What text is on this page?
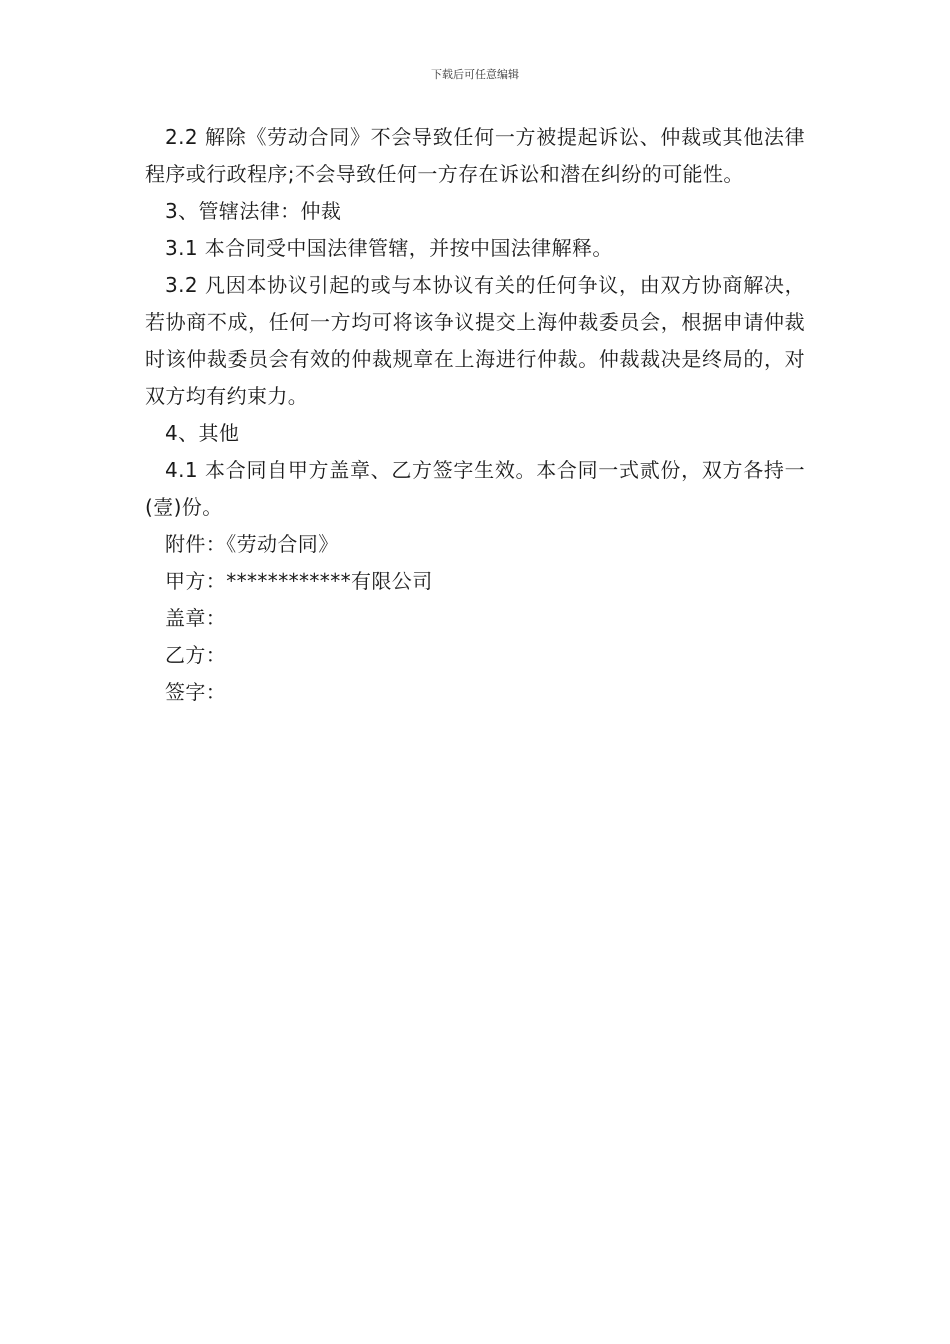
下载后可任意编辑

2.2 解除《劳动合同》不会导致任何一方被提起诉讼、仲裁或其他法律程序或行政程序;不会导致任何一方存在诉讼和潜在纠纷的可能性。

3、管辖法律：仲裁

3.1 本合同受中国法律管辖，并按中国法律解释。

3.2 凡因本协议引起的或与本协议有关的任何争议，由双方协商解决，若协商不成，任何一方均可将该争议提交上海仲裁委员会，根据申请仲裁时该仲裁委员会有效的仲裁规章在上海进行仲裁。仲裁裁决是终局的，对双方均有约束力。

4、其他

4.1 本合同自甲方盖章、乙方签字生效。本合同一式贰份，双方各持一(壹)份。

附件：《劳动合同》

甲方：************有限公司

盖章：

乙方：

签字：
